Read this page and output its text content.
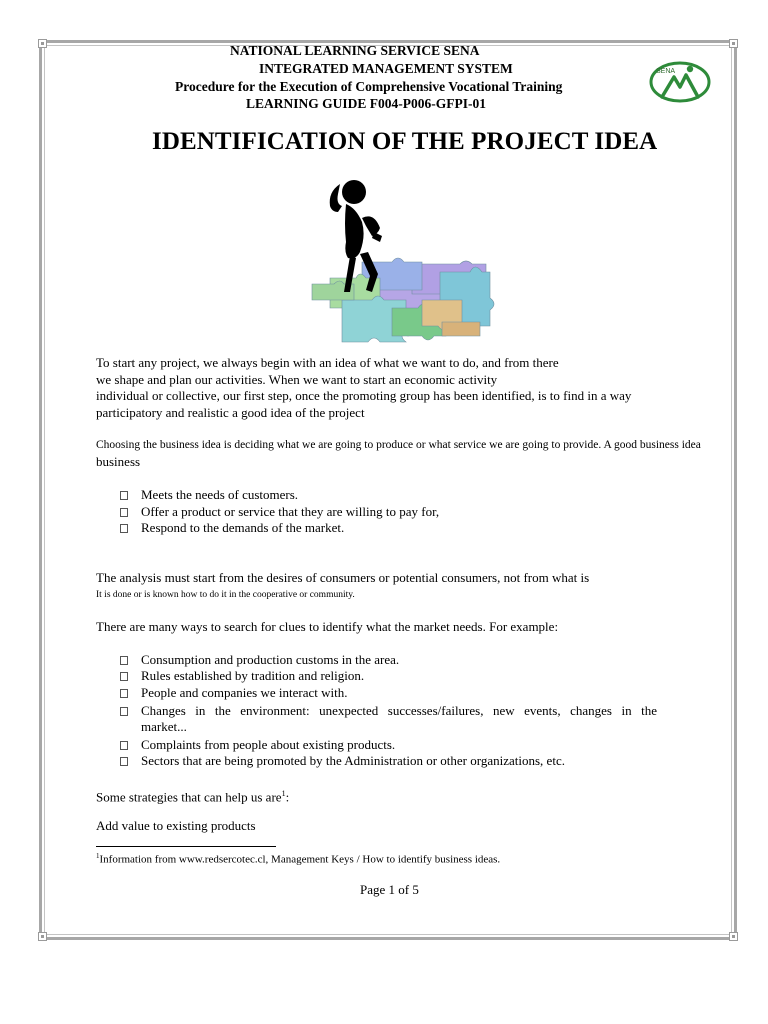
NATIONAL LEARNING SERVICE SENA
INTEGRATED MANAGEMENT SYSTEM
Procedure for the Execution of Comprehensive Vocational Training
LEARNING GUIDE F004-P006-GFPI-01
SENA
IDENTIFICATION OF THE PROJECT IDEA
To start any project, we always begin with an idea of what we want to do, and from there
we shape and plan our activities. When we want to start an economic activity
individual or collective, our first step, once the promoting group has been identified, is to find in a way
participatory and realistic a good idea of the project
Choosing the business idea is deciding what we are going to produce or what service we are going to provide. A good business idea
business
Meets the needs of customers.
Offer a product or service that they are willing to pay for,
Respond to the demands of the market.
The analysis must start from the desires of consumers or potential consumers, not from what is
It is done or is known how to do it in the cooperative or community.
There are many ways to search for clues to identify what the market needs. For example:
Consumption and production customs in the area.
Rules established by tradition and religion.
People and companies we interact with.
Changes in the environment: unexpected successes/failures, new events, changes in the
market...
Complaints from people about existing products.
Sectors that are being promoted by the Administration or other organizations, etc.
Some strategies that can help us are$^1$:
Add value to existing products
$^1$Information from www.redsercotec.cl, Management Keys / How to identify business ideas.
Page 1 of 5
